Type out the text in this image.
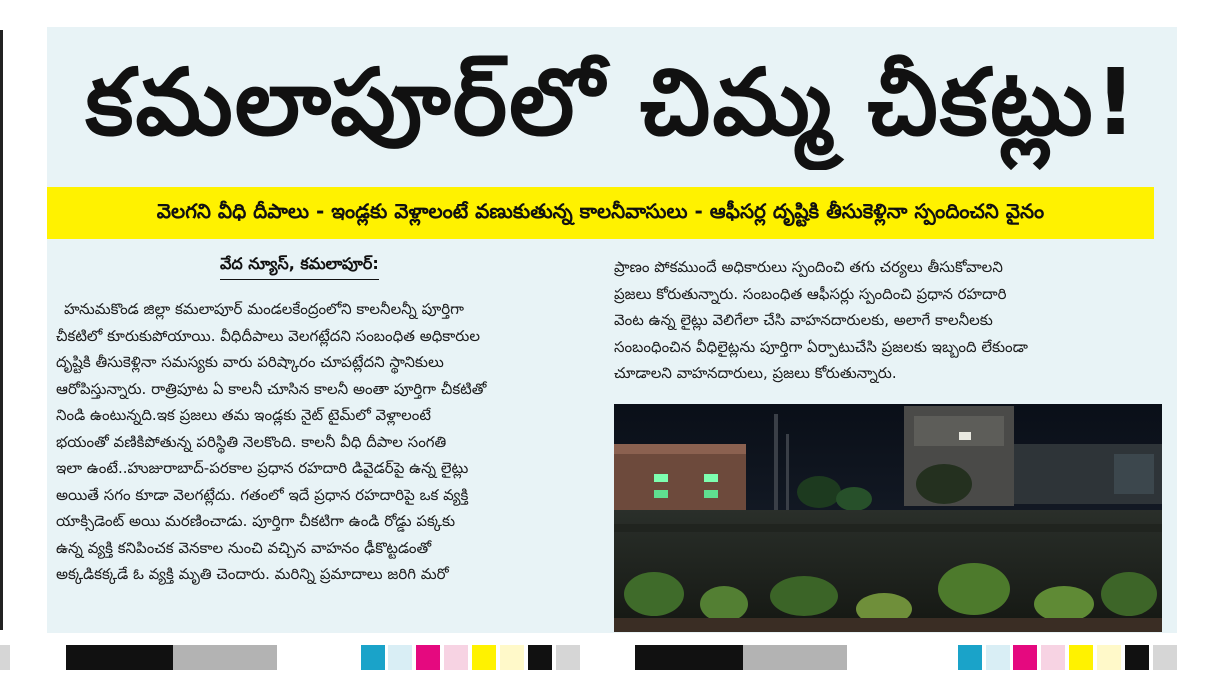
కమలాపూర్‌లో చిమ్మ చీకట్లు!
వెలగని వీధి దీపాలు - ఇండ్లకు వెళ్లాలంటే వణుకుతున్న కాలనీవాసులు - ఆఫీసర్ల దృష్టికి తీసుకెళ్లినా స్పందించని వైనం
వేద న్యూస్, కమలాపూర్:
హనుమకొండ జిల్లా కమలాపూర్ మండలకేంద్రంలోని కాలనీలన్నీ పూర్తిగా
చీకటిలో కూరుకుపోయాయి. వీధిదీపాలు వెలగట్లేదని సంబంధిత అధికారుల
దృష్టికి తీసుకెళ్లినా సమస్యకు వారు పరిష్కారం చూపట్లేదని స్థానికులు
ఆరోపిస్తున్నారు. రాత్రిపూట ఏ కాలనీ చూసిన కాలనీ అంతా పూర్తిగా చీకటితో
నిండి ఉంటున్నది.ఇక ప్రజలు తమ ఇండ్లకు నైట్ టైమ్‌లో వెళ్లాలంటే
భయంతో వణికిపోతున్న పరిస్థితి నెలకొంది. కాలనీ వీధి దీపాల సంగతి
ఇలా ఉంటే..హుజురాబాద్-పరకాల ప్రధాన రహదారి డివైడర్‌పై ఉన్న లైట్లు
అయితే సగం కూడా వెలగట్లేదు. గతంలో ఇదే ప్రధాన రహదారిపై ఒక వ్యక్తి
యాక్సిడెంట్ అయి మరణించాడు. పూర్తిగా చీకటిగా ఉండి రోడ్డు పక్కకు
ఉన్న వ్యక్తి కనిపించక వెనకాల నుంచి వచ్చిన వాహనం ఢీకొట్టడంతో
అక్కడికక్కడే ఓ వ్యక్తి మృతి చెందారు. మరిన్ని ప్రమాదాలు జరిగి మరో
ప్రాణం పోకముందే అధికారులు స్పందించి తగు చర్యలు తీసుకోవాలని
ప్రజలు కోరుతున్నారు. సంబంధిత ఆఫీసర్లు స్పందించి ప్రధాన రహదారి
వెంట ఉన్న లైట్లు వెలిగేలా చేసి వాహనదారులకు, అలాగే కాలనీలకు
సంబంధించిన వీధిలైట్లను పూర్తిగా ఏర్పాటుచేసి ప్రజలకు ఇబ్బంది లేకుండా
చూడాలని వాహనదారులు, ప్రజలు కోరుతున్నారు.
